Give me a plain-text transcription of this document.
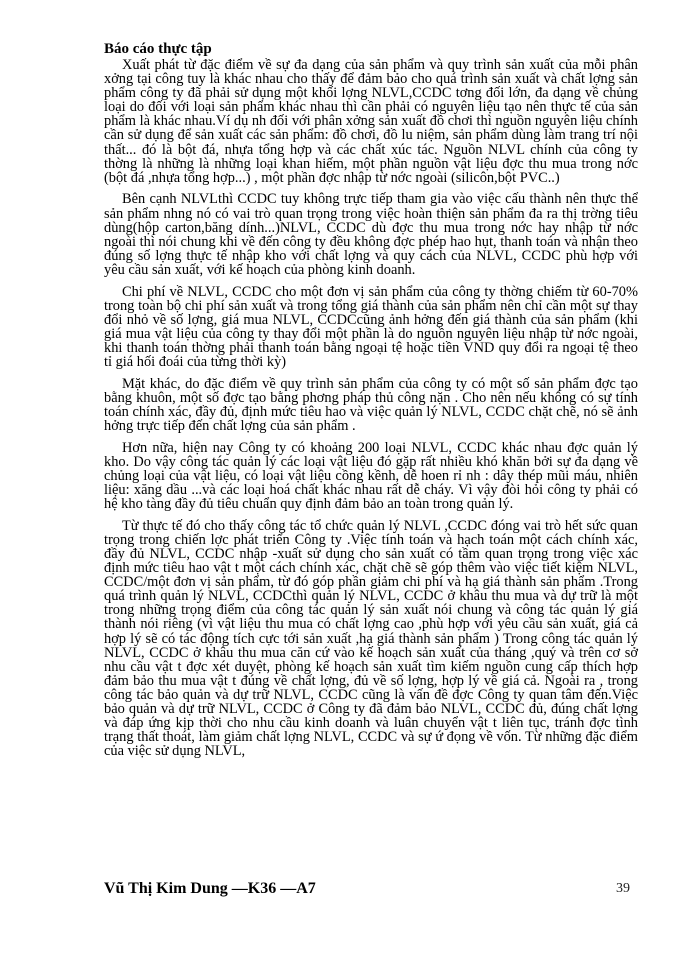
Báo cáo thực tập

Xuất phát từ đặc điểm về sự đa dạng của sản phẩm và quy trình sản xuất của mỗi phân xởng tại công tuy là khác nhau cho thấy để đảm bảo cho quá trình sản xuất và chất lợng sản phẩm công ty đã phải sử dụng một khối lợng NLVL,CCDC tơng đối lớn, đa dạng về chủng loại do đối với loại sản phẩm khác nhau thì cần phải có nguyên liệu tạo nên thực tế của sản phẩm là khác nhau.Ví dụ nh đối với phân xởng sản xuất đồ chơi thì nguồn nguyên liệu chính cần sử dụng để sản xuất các sản phẩm: đồ chơi, đồ lu niệm, sản phẩm dùng làm trang trí nội thất... đó là bột đá, nhựa tổng hợp và các chất xúc tác. Nguồn NLVL chính của công ty thờng là những là những loại khan hiếm, một phần nguồn vật liệu đợc thu mua trong nớc (bột đá ,nhựa tổng hợp...) , một phần đợc nhập từ nớc ngoài (silicôn,bột PVC..)

Bên cạnh NLVLthì CCDC tuy không trực tiếp tham gia vào việc cấu thành nên thực thể sản phẩm nhng nó có vai trò quan trọng trong việc hoàn thiện sản phẩm đa ra thị trờng tiêu dùng(hộp carton,băng dính...)NLVL, CCDC dù đợc thu mua trong nớc hay nhập từ nớc ngoài thì nói chung khi về đến công ty đều không đợc phép hao hụt, thanh toán và nhận theo đúng số lợng thực tế nhập kho với chất lợng và quy cách của NLVL, CCDC phù hợp với yêu cầu sản xuất, với kế hoạch của phòng kinh doanh.

Chi phí về NLVL, CCDC cho một đơn vị sản phẩm của công ty thờng chiếm từ 60-70% trong toàn bộ chi phí sản xuất và trong tổng giá thành của sản phẩm nên chỉ cần một sự thay đổi nhỏ về số lợng, giá mua NLVL, CCDCcũng ảnh hởng đến giá thành của sản phẩm (khi giá mua vật liệu của công ty thay đổi một phần là do nguồn nguyên liệu nhập từ nớc ngoài, khi thanh toán thờng phải thanh toán bằng ngoại tệ hoặc tiền VND quy đổi ra ngoại tệ theo tỉ giá hối đoái của từng thời kỳ)

Mặt khác, do đặc điểm về quy trình sản phẩm của công ty có một số sản phẩm đợc tạo bằng khuôn, một số đợc tạo bằng phơng pháp thủ công nặn . Cho nên nếu không có sự tính toán chính xác, đầy đủ, định mức tiêu hao và việc quản lý NLVL, CCDC chặt chẽ, nó sẽ ảnh hởng trực tiếp đến chất lợng của sản phẩm .

Hơn nữa, hiện nay Công ty có khoảng 200 loại NLVL, CCDC khác nhau đợc quản lý kho. Do vậy công tác quản lý các loại vật liệu đó gặp rất nhiều khó khăn bởi sự đa dạng về chủng loại của vật liệu, có loại vật liệu cồng kềnh, dễ hoen rỉ nh : dây thép mũi máu, nhiên liệu: xăng dầu ...và các loại hoá chất khác nhau rất dễ cháy. Vì vậy đòi hỏi công ty phải có hệ kho tàng đầy đủ tiêu chuẩn quy định đảm bảo an toàn trong quản lý.

Từ thực tế đó cho thấy công tác tổ chức quản lý NLVL ,CCDC đóng vai trò hết sức quan trọng trong chiến lợc phát triển Công ty .Việc tính toán và hạch toán một cách chính xác, đầy đủ NLVL, CCDC nhập -xuất sử dụng cho sản xuất có tầm quan trọng trong việc xác định mức tiêu hao vật t một cách chính xác, chặt chẽ sẽ góp thêm vào việc tiết kiệm NLVL, CCDC/một đơn vị sản phẩm, từ đó góp phần giảm chi phí và hạ giá thành sản phẩm .Trong quá trình quản lý NLVL, CCDCthì quản lý NLVL, CCDC ở khâu thu mua và dự trữ là một trong những trọng điểm của công tác quản lý sản xuất nói chung và công tác quản lý giá thành nói riêng (vì vật liệu thu mua có chất lợng cao ,phù hợp với yêu cầu sản xuất, giá cả hợp lý sẽ có tác động tích cực tới sản xuất ,hạ giá thành sản phẩm ) Trong công tác quản lý NLVL, CCDC ở khâu thu mua căn cứ vào kế hoạch sản xuất của tháng ,quý và trên cơ sở nhu cầu vật t đợc xét duyệt, phòng kế hoạch sản xuất tìm kiếm nguồn cung cấp thích hợp đảm bảo thu mua vật t đúng về chất lợng, đủ về số lợng, hợp lý về giá cả. Ngoài ra , trong công tác bảo quản và dự trữ NLVL, CCDC cũng là vấn đề đợc Công ty quan tâm đến.Việc bảo quản và dự trữ NLVL, CCDC ở Công ty đã đảm bảo NLVL, CCDC đủ, đúng chất lợng và đáp ứng kịp thời cho nhu cầu kinh doanh và luân chuyển vật t liên tục, tránh đợc tình trạng thất thoát, làm giảm chất lợng NLVL, CCDC và sự ứ đọng về vốn. Từ những đặc điểm của việc sử dụng NLVL,

Vũ Thị Kim Dung —K36 —A7	39
